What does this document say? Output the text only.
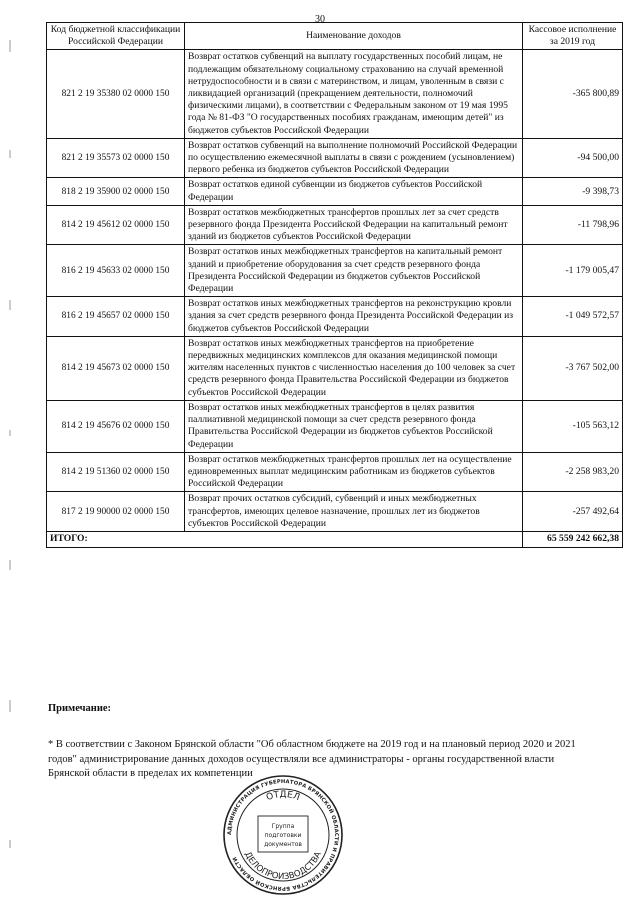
30
Код бюджетной классификации Российской Федерации	Наименование доходов	Кассовое исполнение за 2019 год
821 2 19 35380 02 0000 150	Возврат остатков субвенций на выплату государственных пособий лицам, не подлежащим обязательному социальному страхованию на случай временной нетрудоспособности и в связи с материнством, и лицам, уволенным в связи с ликвидацией организаций (прекращением деятельности, полномочий физическими лицами), в соответствии с Федеральным законом от 19 мая 1995 года № 81-ФЗ "О государственных пособиях гражданам, имеющим детей" из бюджетов субъектов Российской Федерации	-365 800,89
821 2 19 35573 02 0000 150	Возврат остатков субвенций на выполнение полномочий Российской Федерации по осуществлению ежемесячной выплаты в связи с рождением (усыновлением) первого ребенка из бюджетов субъектов Российской Федерации	-94 500,00
818 2 19 35900 02 0000 150	Возврат остатков единой субвенции из бюджетов субъектов Российской Федерации	-9 398,73
814 2 19 45612 02 0000 150	Возврат остатков межбюджетных трансфертов прошлых лет за счет средств резервного фонда Президента Российской Федерации на капитальный ремонт зданий из бюджетов субъектов Российской Федерации	-11 798,96
816 2 19 45633 02 0000 150	Возврат остатков иных межбюджетных трансфертов на капитальный ремонт зданий и приобретение оборудования за счет средств резервного фонда Президента Российской Федерации из бюджетов субъектов Российской Федерации	-1 179 005,47
816 2 19 45657 02 0000 150	Возврат остатков иных межбюджетных трансфертов на реконструкцию кровли здания за счет средств резервного фонда Президента Российской Федерации из бюджетов субъектов Российской Федерации	-1 049 572,57
814 2 19 45673 02 0000 150	Возврат остатков иных межбюджетных трансфертов на приобретение передвижных медицинских комплексов для оказания медицинской помощи жителям населенных пунктов с численностью населения до 100 человек за счет средств резервного фонда Правительства Российской Федерации из бюджетов субъектов Российской Федерации	-3 767 502,00
814 2 19 45676 02 0000 150	Возврат остатков иных межбюджетных трансфертов в целях развития паллиативной медицинской помощи за счет средств резервного фонда Правительства Российской Федерации из бюджетов субъектов Российской Федерации	-105 563,12
814 2 19 51360 02 0000 150	Возврат остатков межбюджетных трансфертов прошлых лет на осуществление единовременных выплат медицинским работникам из бюджетов субъектов Российской Федерации	-2 258 983,20
817 2 19 90000 02 0000 150	Возврат прочих остатков субсидий, субвенций и иных межбюджетных трансфертов, имеющих целевое назначение, прошлых лет из бюджетов субъектов Российской Федерации	-257 492,64
ИТОГО:		65 559 242 662,38
Примечание:
* В соответствии с Законом Брянской области "Об областном бюджете на 2019 год и на плановый период 2020 и 2021 годов" администрирование данных доходов осуществляли все администраторы - органы государственной власти Брянской области в пределах их компетенции
АДМИНИСТРАЦИЯ ГУБЕРНАТОРА БРЯНСКОЙ ОБЛАСТИ И ПРАВИТЕЛЬСТВА БРЯНСКОЙ ОБЛАСТИ
ОТДЕЛ
ДЕЛОПРОИЗВОДСТВА
Группа
подготовки
документов
